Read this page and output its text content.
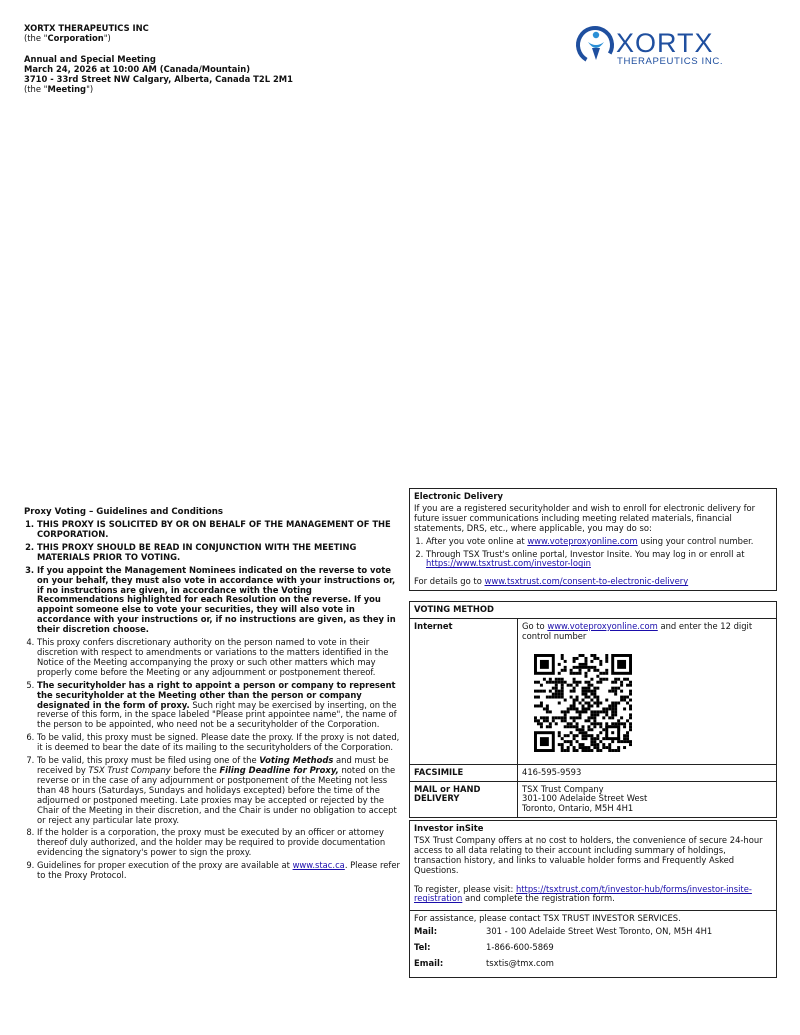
XORTX THERAPEUTICS INC
(the "Corporation")
Annual and Special Meeting
March 24, 2026 at 10:00 AM (Canada/Mountain)
3710 - 33rd Street NW Calgary, Alberta, Canada T2L 2M1
(the "Meeting")
XORTX
THERAPEUTICS INC.
Proxy Voting – Guidelines and Conditions
1. THIS PROXY IS SOLICITED BY OR ON BEHALF OF THE MANAGEMENT OF THE CORPORATION.
2. THIS PROXY SHOULD BE READ IN CONJUNCTION WITH THE MEETING MATERIALS PRIOR TO VOTING.
3. If you appoint the Management Nominees indicated on the reverse to vote on your behalf, they must also vote in accordance with your instructions or, if no instructions are given, in accordance with the Voting Recommendations highlighted for each Resolution on the reverse. If you appoint someone else to vote your securities, they will also vote in accordance with your instructions or, if no instructions are given, as they in their discretion choose.
4. This proxy confers discretionary authority on the person named to vote in their discretion with respect to amendments or variations to the matters identified in the Notice of the Meeting accompanying the proxy or such other matters which may properly come before the Meeting or any adjournment or postponement thereof.
5. The securityholder has a right to appoint a person or company to represent the securityholder at the Meeting other than the person or company designated in the form of proxy. Such right may be exercised by inserting, on the reverse of this form, in the space labeled "Please print appointee name", the name of the person to be appointed, who need not be a securityholder of the Corporation.
6. To be valid, this proxy must be signed. Please date the proxy. If the proxy is not dated, it is deemed to bear the date of its mailing to the securityholders of the Corporation.
7. To be valid, this proxy must be filed using one of the Voting Methods and must be received by TSX Trust Company before the Filing Deadline for Proxy, noted on the reverse or in the case of any adjournment or postponement of the Meeting not less than 48 hours (Saturdays, Sundays and holidays excepted) before the time of the adjourned or postponed meeting. Late proxies may be accepted or rejected by the Chair of the Meeting in their discretion, and the Chair is under no obligation to accept or reject any particular late proxy.
8. If the holder is a corporation, the proxy must be executed by an officer or attorney thereof duly authorized, and the holder may be required to provide documentation evidencing the signatory's power to sign the proxy.
9. Guidelines for proper execution of the proxy are available at www.stac.ca. Please refer to the Proxy Protocol.
Electronic Delivery
If you are a registered securityholder and wish to enroll for electronic delivery for future issuer communications including meeting related materials, financial statements, DRS, etc., where applicable, you may do so:
1. After you vote online at www.voteproxyonline.com using your control number.
2. Through TSX Trust's online portal, Investor Insite. You may log in or enroll at https://www.tsxtrust.com/investor-login
For details go to www.tsxtrust.com/consent-to-electronic-delivery
VOTING METHOD
Internet	Go to www.voteproxyonline.com and enter the 12 digit control number

FACSIMILE	416-595-9593
MAIL or HAND DELIVERY	TSX Trust Company
301-100 Adelaide Street West
Toronto, Ontario, M5H 4H1
Investor inSite
TSX Trust Company offers at no cost to holders, the convenience of secure 24-hour access to all data relating to their account including summary of holdings, transaction history, and links to valuable holder forms and Frequently Asked Questions.
To register, please visit: https://tsxtrust.com/t/investor-hub/forms/investor-insite-registration and complete the registration form.
For assistance, please contact TSX TRUST INVESTOR SERVICES.
Mail:	301 - 100 Adelaide Street West Toronto, ON, M5H 4H1
Tel:	1-866-600-5869
Email:	tsxtis@tmx.com
